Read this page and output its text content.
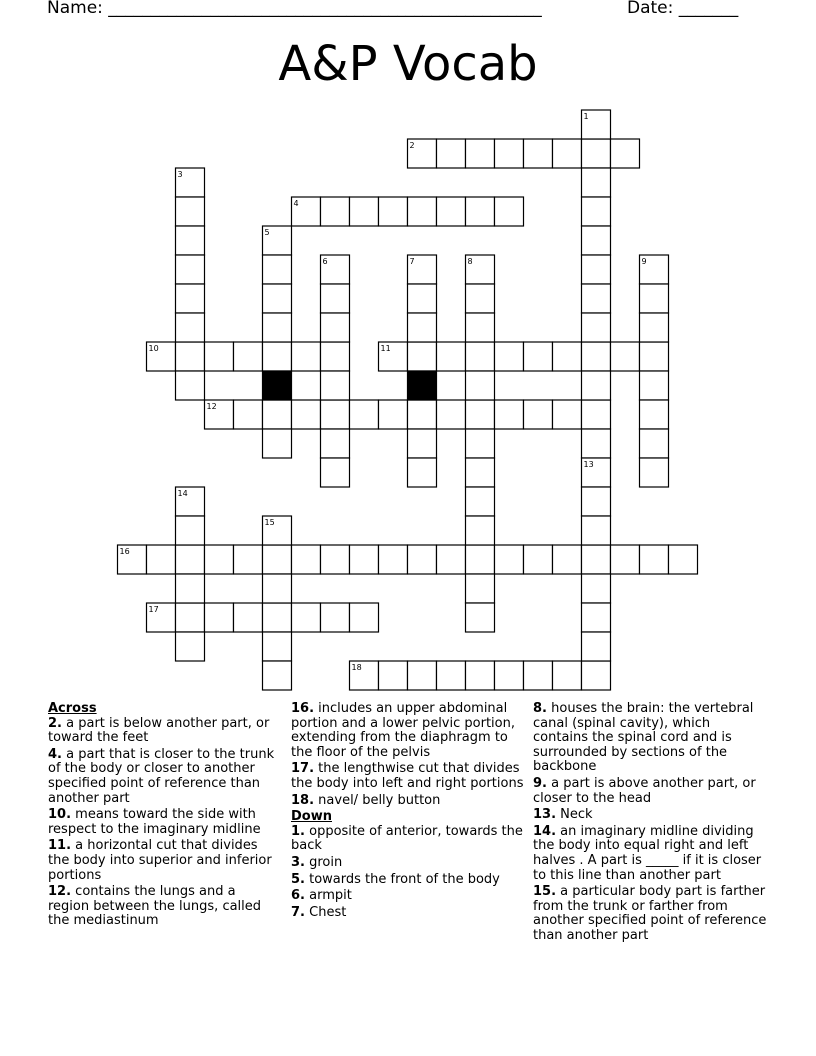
Name: ___________________________________________________	Date: _______
A&P Vocab
2
4
10	11
12
16
17
18
1
3
5
6	7	8	9
13
14
15

Across

2. a part is below another part, or toward the feet

4. a part that is closer to the trunk of the body or closer to another specified point of reference than another part

10. means toward the side with respect to the imaginary midline

11. a horizontal cut that divides the body into superior and inferior portions

12. contains the lungs and a region between the lungs, called the mediastinum

16. includes an upper abdominal portion and a lower pelvic portion, extending from the diaphragm to the floor of the pelvis

17. the lengthwise cut that divides the body into left and right portions

18. navel/ belly button

Down

1. opposite of anterior, towards the back

3. groin

5. towards the front of the body

6. armpit

7. Chest

8. houses the brain: the vertebral canal (spinal cavity), which contains the spinal cord and is surrounded by sections of the backbone

9. a part is above another part, or closer to the head

13. Neck

14. an imaginary midline dividing the body into equal right and left halves . A part is _____ if it is closer to this line than another part

15. a particular body part is farther from the trunk or farther from another specified point of reference than another part
